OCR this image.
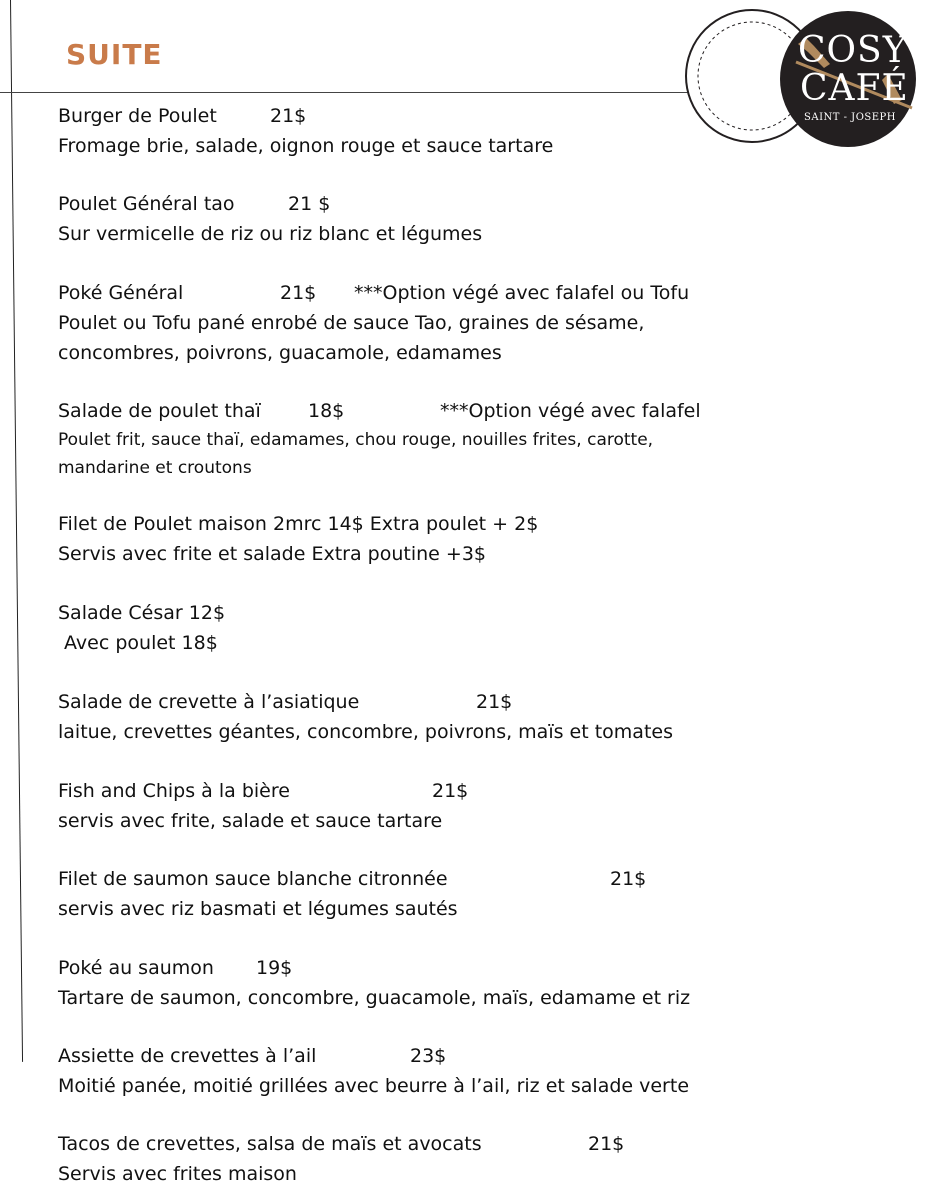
SUITE	COSY
CAFÉ
SAINT - JOSEPH
Burger de Poulet	21$
Fromage brie, salade, oignon rouge et sauce tartare
Poulet Général tao	21 $
Sur vermicelle de riz ou riz blanc et légumes
Poké Général	21$ ***Option végé avec falafel ou Tofu
Poulet ou Tofu pané enrobé de sauce Tao, graines de sésame,
concombres, poivrons, guacamole, edamames
Salade de poulet thaï 18$	***Option végé avec falafel
Poulet frit, sauce thaï, edamames, chou rouge, nouilles frites, carotte,
mandarine et croutons
Filet de Poulet maison 2mrc 14$ Extra poulet + 2$
Servis avec frite et salade Extra poutine +3$
Salade César 12$
Avec poulet 18$
Salade de crevette à l’asiatique	21$
laitue, crevettes géantes, concombre, poivrons, maïs et tomates
Fish and Chips à la bière	21$
servis avec frite, salade et sauce tartare
Filet de saumon sauce blanche citronnée	21$
servis avec riz basmati et légumes sautés
Poké au saumon 19$
Tartare de saumon, concombre, guacamole, maïs, edamame et riz
Assiette de crevettes à l’ail	23$
Moitié panée, moitié grillées avec beurre à l’ail, riz et salade verte
Tacos de crevettes, salsa de maïs et avocats	21$
Servis avec frites maison
